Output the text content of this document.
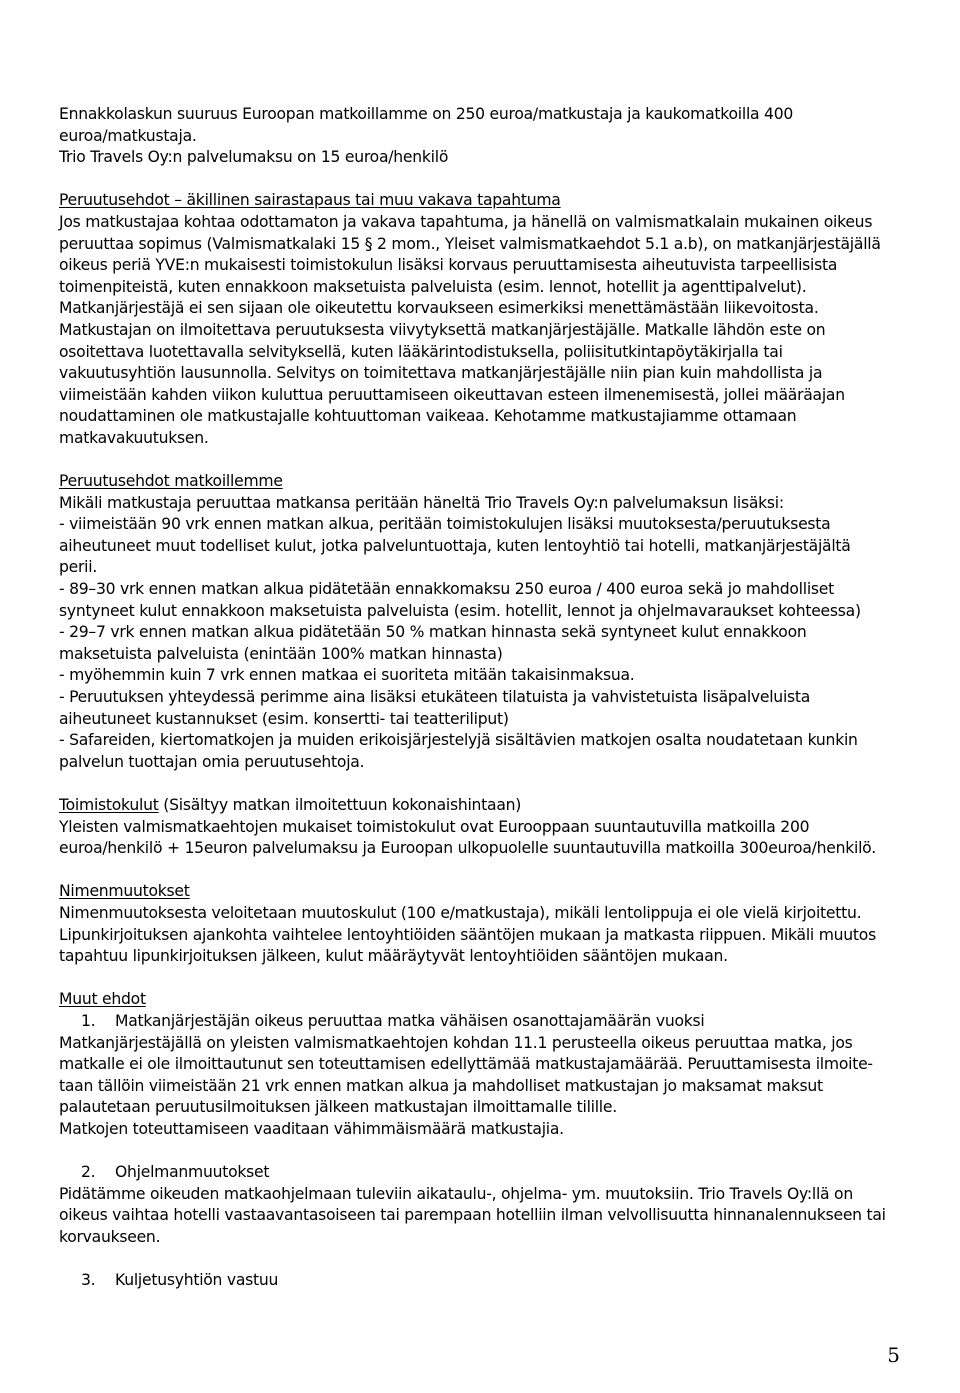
Ennakkolaskun suuruus Euroopan matkoillamme on 250 euroa/matkustaja ja kaukomatkoilla 400
euroa/matkustaja.
Trio Travels Oy:n palvelumaksu on 15 euroa/henkilö
Peruutusehdot – äkillinen sairastapaus tai muu vakava tapahtuma
Jos matkustajaa kohtaa odottamaton ja vakava tapahtuma, ja hänellä on valmismatkalain mukainen oikeus
peruuttaa sopimus (Valmismatkalaki 15 § 2 mom., Yleiset valmismatkaehdot 5.1 a.b), on matkanjärjestäjällä
oikeus periä YVE:n mukaisesti toimistokulun lisäksi korvaus peruuttamisesta aiheutuvista tarpeellisista
toimenpiteistä, kuten ennakkoon maksetuista palveluista (esim. lennot, hotellit ja agenttipalvelut).
Matkanjärjestäjä ei sen sijaan ole oikeutettu korvaukseen esimerkiksi menettämästään liikevoitosta.
Matkustajan on ilmoitettava peruutuksesta viivytyksettä matkanjärjestäjälle. Matkalle lähdön este on
osoitettava luotettavalla selvityksellä, kuten lääkärintodistuksella, poliisitutkintapöytäkirjalla tai
vakuutusyhtiön lausunnolla. Selvitys on toimitettava matkanjärjestäjälle niin pian kuin mahdollista ja
viimeistään kahden viikon kuluttua peruuttamiseen oikeuttavan esteen ilmenemisestä, jollei määräajan
noudattaminen ole matkustajalle kohtuuttoman vaikeaa. Kehotamme matkustajiamme ottamaan
matkavakuutuksen.
Peruutusehdot matkoillemme
Mikäli matkustaja peruuttaa matkansa peritään häneltä Trio Travels Oy:n palvelumaksun lisäksi:
- viimeistään 90 vrk ennen matkan alkua, peritään toimistokulujen lisäksi muutoksesta/peruutuksesta
aiheutuneet muut todelliset kulut, jotka palveluntuottaja, kuten lentoyhtiö tai hotelli, matkanjärjestäjältä
perii.
- 89–30 vrk ennen matkan alkua pidätetään ennakkomaksu 250 euroa / 400 euroa sekä jo mahdolliset
syntyneet kulut ennakkoon maksetuista palveluista (esim. hotellit, lennot ja ohjelmavaraukset kohteessa)
- 29–7 vrk ennen matkan alkua pidätetään 50 % matkan hinnasta sekä syntyneet kulut ennakkoon
maksetuista palveluista (enintään 100% matkan hinnasta)
- myöhemmin kuin 7 vrk ennen matkaa ei suoriteta mitään takaisinmaksua.
- Peruutuksen yhteydessä perimme aina lisäksi etukäteen tilatuista ja vahvistetuista lisäpalveluista
aiheutuneet kustannukset (esim. konsertti- tai teatteriliput)
- Safareiden, kiertomatkojen ja muiden erikoisjärjestelyjä sisältävien matkojen osalta noudatetaan kunkin
palvelun tuottajan omia peruutusehtoja.
Toimistokulut (Sisältyy matkan ilmoitettuun kokonaishintaan)
Yleisten valmismatkaehtojen mukaiset toimistokulut ovat Eurooppaan suuntautuvilla matkoilla 200
euroa/henkilö + 15euron palvelumaksu ja Euroopan ulkopuolelle suuntautuvilla matkoilla 300euroa/henkilö.
Nimenmuutokset
Nimenmuutoksesta veloitetaan muutoskulut (100 e/matkustaja), mikäli lentolippuja ei ole vielä kirjoitettu.
Lipunkirjoituksen ajankohta vaihtelee lentoyhtiöiden sääntöjen mukaan ja matkasta riippuen. Mikäli muutos
tapahtuu lipunkirjoituksen jälkeen, kulut määräytyvät lentoyhtiöiden sääntöjen mukaan.
Muut ehdot
1. Matkanjärjestäjän oikeus peruuttaa matka vähäisen osanottajamäärän vuoksi
Matkanjärjestäjällä on yleisten valmismatkaehtojen kohdan 11.1 perusteella oikeus peruuttaa matka, jos
matkalle ei ole ilmoittautunut sen toteuttamisen edellyttämää matkustajamäärää. Peruuttamisesta ilmoite-
taan tällöin viimeistään 21 vrk ennen matkan alkua ja mahdolliset matkustajan jo maksamat maksut
palautetaan peruutusilmoituksen jälkeen matkustajan ilmoittamalle tilille.
Matkojen toteuttamiseen vaaditaan vähimmäismäärä matkustajia.
2. Ohjelmanmuutokset
Pidätämme oikeuden matkaohjelmaan tuleviin aikataulu-, ohjelma- ym. muutoksiin. Trio Travels Oy:llä on
oikeus vaihtaa hotelli vastaavantasoiseen tai parempaan hotelliin ilman velvollisuutta hinnanalennukseen tai
korvaukseen.
3. Kuljetusyhtiön vastuu
5
